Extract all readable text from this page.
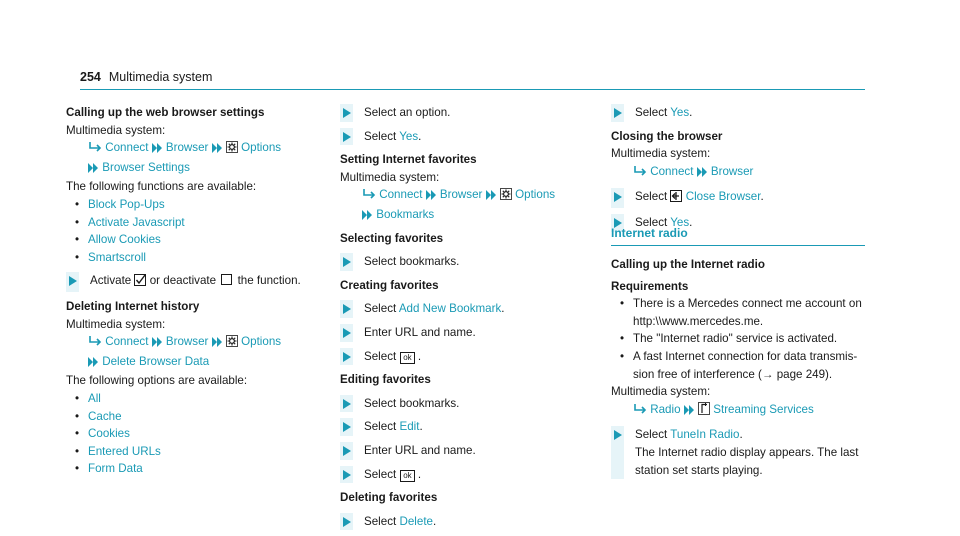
254 Multimedia system
Calling up the web browser settings
Multimedia system:
Connect Browser	Options
Browser Settings
The following functions are available:
• Block Pop-Ups
• Activate Javascript
• Allow Cookies
• Smartscroll
Activate or deactivate the function.
Deleting Internet history
Multimedia system:
Connect Browser	Options
Delete Browser Data
The following options are available:
• All
• Cache
• Cookies
• Entered URLs
• Form Data
Select an option.
Select Yes.
Setting Internet favorites
Multimedia system:
Connect Browser	Options
Bookmarks
Selecting favorites
Select bookmarks.
Creating favorites
Select Add New Bookmark.
Enter URL and name.
Select ok .
Editing favorites
Select bookmarks.
Select Edit.
Enter URL and name.
Select ok .
Deleting favorites
Select Delete.
Select Yes.
Closing the browser
Multimedia system:
Connect Browser
Select Close Browser.
Select Yes.
Internet radio
Calling up the Internet radio
Requirements
• There is a Mercedes connect me account on
http:\\www.mercedes.me.
• The "Internet radio" service is activated.
• A fast Internet connection for data transmis-
sion free of interference (→ page 249).
Multimedia system:
Radio	Streaming Services
Select TuneIn Radio.
The Internet radio display appears. The last
station set starts playing.
